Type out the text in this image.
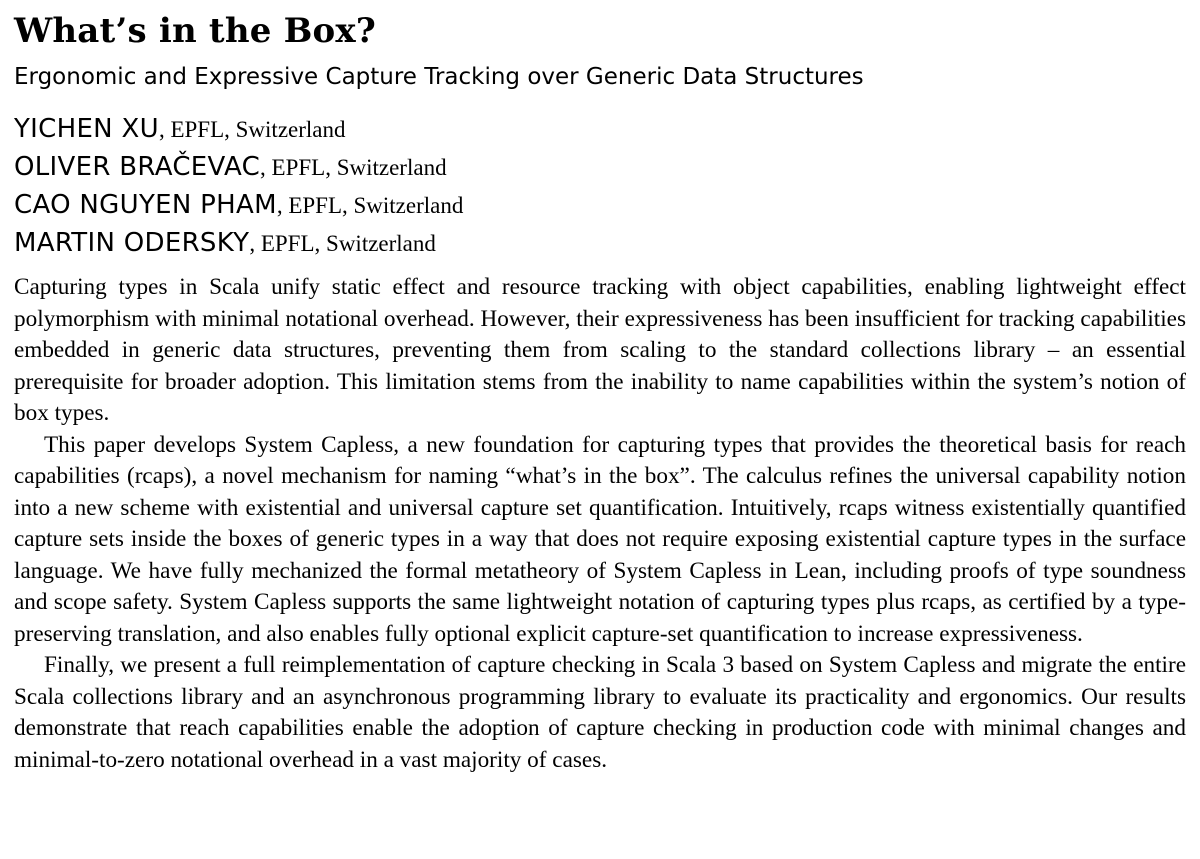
What’s in the Box?
Ergonomic and Expressive Capture Tracking over Generic Data Structures
YICHEN XU, EPFL, Switzerland
OLIVER BRAČEVAC, EPFL, Switzerland
CAO NGUYEN PHAM, EPFL, Switzerland
MARTIN ODERSKY, EPFL, Switzerland

Capturing types in Scala unify static effect and resource tracking with object capabilities, enabling lightweight effect polymorphism with minimal notational overhead. However, their expressiveness has been insufficient for tracking capabilities embedded in generic data structures, preventing them from scaling to the standard collections library – an essential prerequisite for broader adoption. This limitation stems from the inability to name capabilities within the system’s notion of box types.

This paper develops System Capless, a new foundation for capturing types that provides the theoretical basis for reach capabilities (rcaps), a novel mechanism for naming “what’s in the box”. The calculus refines the universal capability notion into a new scheme with existential and universal capture set quantification. Intuitively, rcaps witness existentially quantified capture sets inside the boxes of generic types in a way that does not require exposing existential capture types in the surface language. We have fully mechanized the formal metatheory of System Capless in Lean, including proofs of type soundness and scope safety. System Capless supports the same lightweight notation of capturing types plus rcaps, as certified by a type-preserving translation, and also enables fully optional explicit capture-set quantification to increase expressiveness.

Finally, we present a full reimplementation of capture checking in Scala 3 based on System Capless and migrate the entire Scala collections library and an asynchronous programming library to evaluate its practicality and ergonomics. Our results demonstrate that reach capabilities enable the adoption of capture checking in production code with minimal changes and minimal-to-zero notational overhead in a vast majority of cases.
